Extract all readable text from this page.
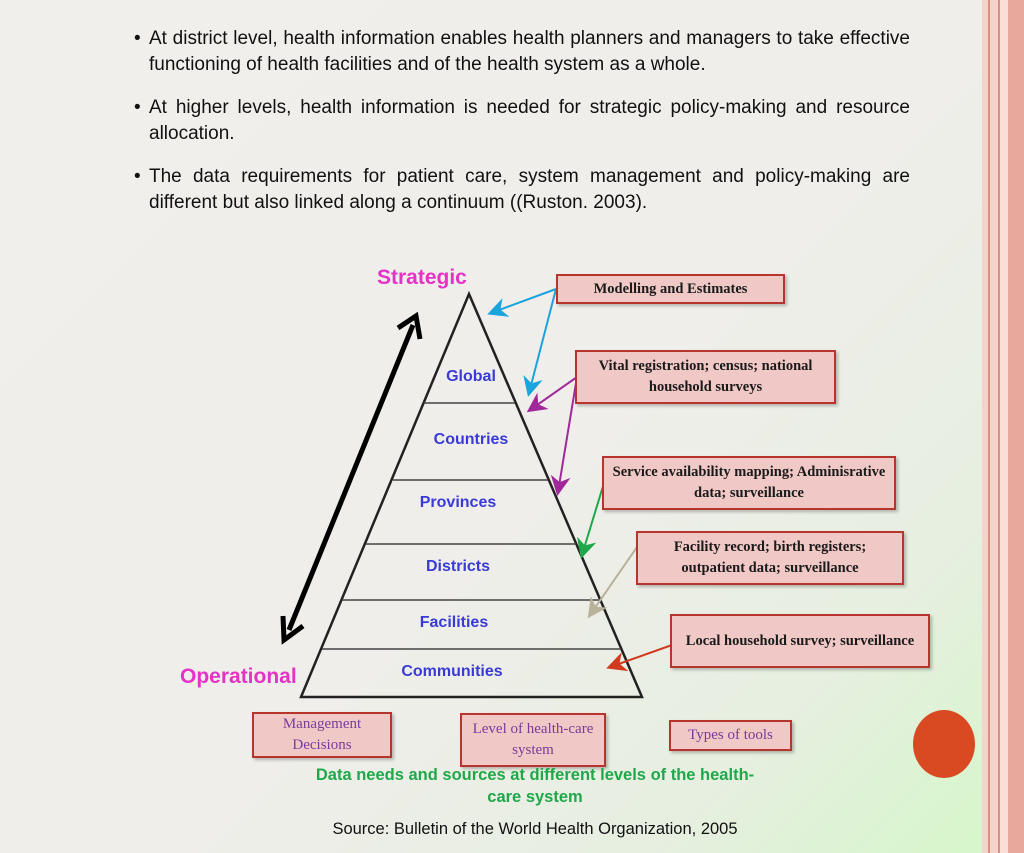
• At district level, health information enables health planners and managers to take effective functioning of health facilities and of the health system as a whole.
• At higher levels, health information is needed for strategic policy-making and resource allocation.
• The data requirements for patient care, system management and policy-making are different but also linked along a continuum ((Ruston. 2003).
Strategic
Operational
Global
Countries
Provinces
Districts
Facilities
Communities
Modelling and Estimates
Vital registration; census; national household surveys
Service availability mapping; Adminisrative data; surveillance
Facility record; birth registers; outpatient data; surveillance
Local household survey; surveillance
Management Decisions
Level of health-care system
Types of tools
Data needs and sources at different levels of the health-care system
Source: Bulletin of the World Health Organization, 2005
